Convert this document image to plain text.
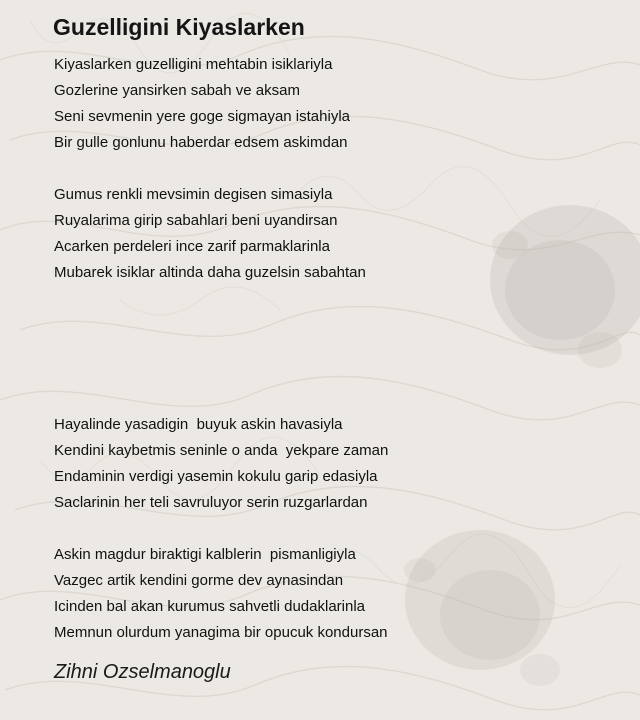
Guzelligini Kiyaslarken
Kiyaslarken guzelligini mehtabin isiklariyla
Gozlerine yansirken sabah ve aksam
Seni sevmenin yere goge sigmayan istahiyla
Bir gulle gonlunu haberdar edsem askimdan
Gumus renkli mevsimin degisen simasiyla
Ruyalarima girip sabahlari beni uyandirsan
Acarken perdeleri ince zarif parmaklarinla
Mubarek isiklar altinda daha guzelsin sabahtan
Hayalinde yasadigin  buyuk askin havasiyla
Kendini kaybetmis seninle o anda  yekpare zaman
Endaminin verdigi yasemin kokulu garip edasiyla
Saclarinin her teli savruluyor serin ruzgarlardan
Askin magdur biraktigi kalblerin  pismanligiyla
Vazgec artik kendini gorme dev aynasindan
Icinden bal akan kurumus sahvetli dudaklarinla
Memnun olurdum yanagima bir opucuk kondursan
Zihni Ozselmanoglu
